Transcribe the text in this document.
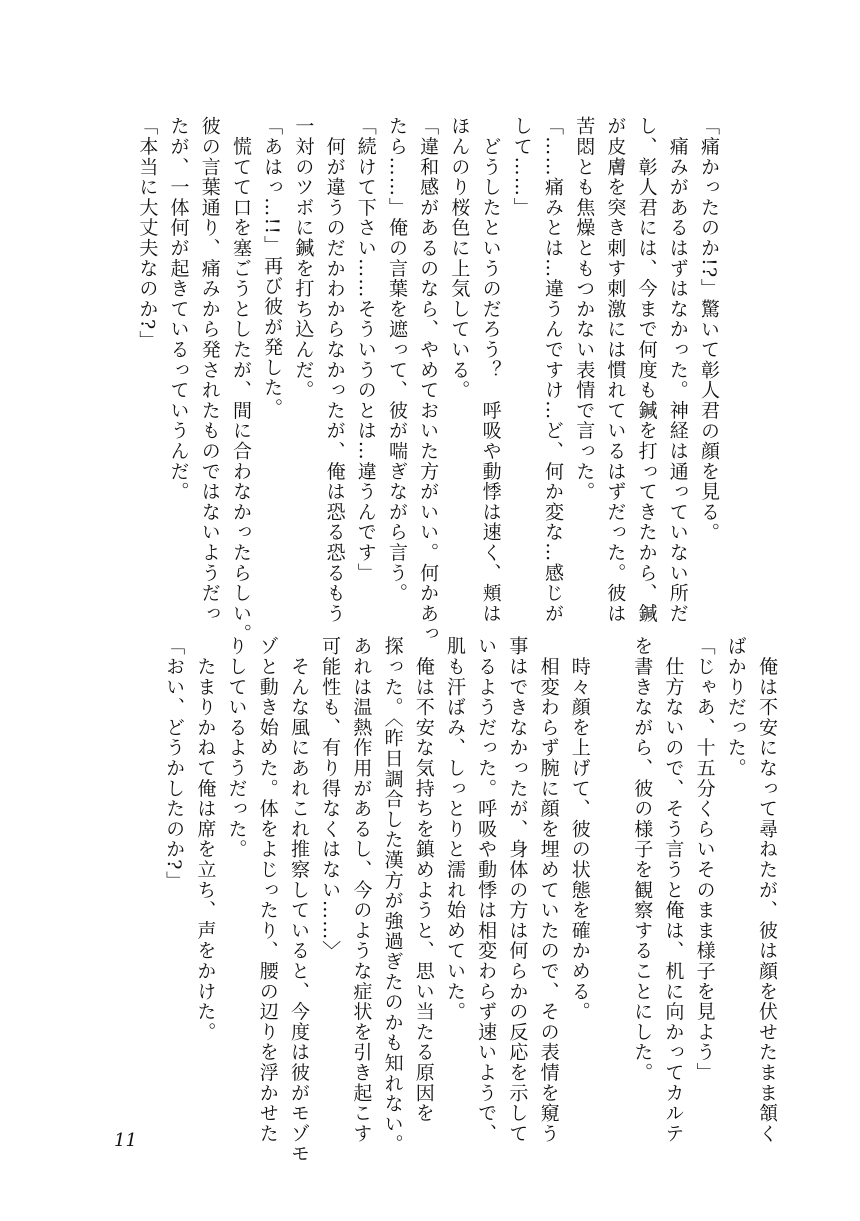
「痛かったのか!?」驚いて彰人君の顔を見る。
　痛みがあるはずはなかった。神経は通っていない所だ
し、彰人君には、今まで何度も鍼を打ってきたから、鍼
が皮膚を突き刺す刺激には慣れているはずだった。彼は
苦悶とも焦燥ともつかない表情で言った。
「……痛みとは…違うんですけ…ど、何か変な…感じが
して……」
　どうしたというのだろう？　呼吸や動悸は速く、頬は
ほんのり桜色に上気している。
「違和感があるのなら、やめておいた方がいい。何かあっ
たら……」俺の言葉を遮って、彼が喘ぎながら言う。
「続けて下さい……そういうのとは…違うんです」
　何が違うのだかわからなかったが、俺は恐る恐るもう
一対のツボに鍼を打ち込んだ。
「あはっ…!!」再び彼が発した。
　慌てて口を塞ごうとしたが、間に合わなかったらしい。
彼の言葉通り、痛みから発されたものではないようだっ
たが、一体何が起きているっていうんだ。
「本当に大丈夫なのか?」
　俺は不安になって尋ねたが、彼は顔を伏せたまま頷く
ばかりだった。
「じゃあ、十五分くらいそのまま様子を見よう」
　仕方ないので、そう言うと俺は、机に向かってカルテ
を書きながら、彼の様子を観察することにした。

　時々顔を上げて、彼の状態を確かめる。
　相変わらず腕に顔を埋めていたので、その表情を窺う
事はできなかったが、身体の方は何らかの反応を示して
いるようだった。呼吸や動悸は相変わらず速いようで、
肌も汗ばみ、しっとりと濡れ始めていた。
　俺は不安な気持ちを鎮めようと、思い当たる原因を
探った。〈昨日調合した漢方が強過ぎたのかも知れない。
あれは温熱作用があるし、今のような症状を引き起こす
可能性も、有り得なくはない……〉
　そんな風にあれこれ推察していると、今度は彼がモゾモ
ゾと動き始めた。体をよじったり、腰の辺りを浮かせた
りしているようだった。
　たまりかねて俺は席を立ち、声をかけた。
「おい、どうかしたのか?」
11
